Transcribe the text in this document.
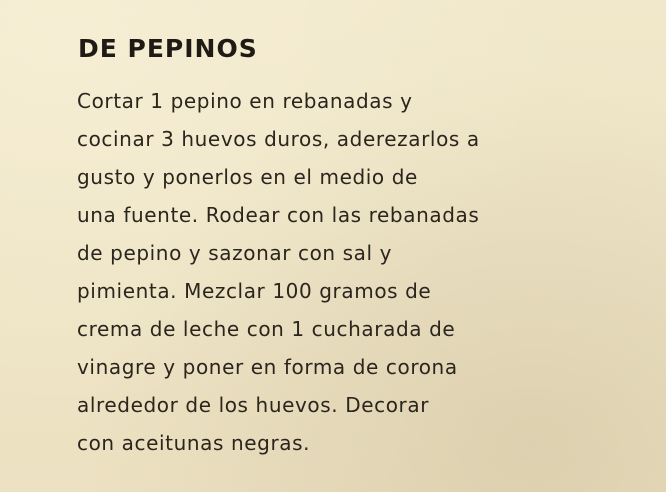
DE PEPINOS
Cortar 1 pepino en rebanadas y
cocinar 3 huevos duros, aderezarlos a
gusto y ponerlos en el medio de
una fuente. Rodear con las rebanadas
de pepino y sazonar con sal y
pimienta. Mezclar 100 gramos de
crema de leche con 1 cucharada de
vinagre y poner en forma de corona
alrededor de los huevos. Decorar
con aceitunas negras.
